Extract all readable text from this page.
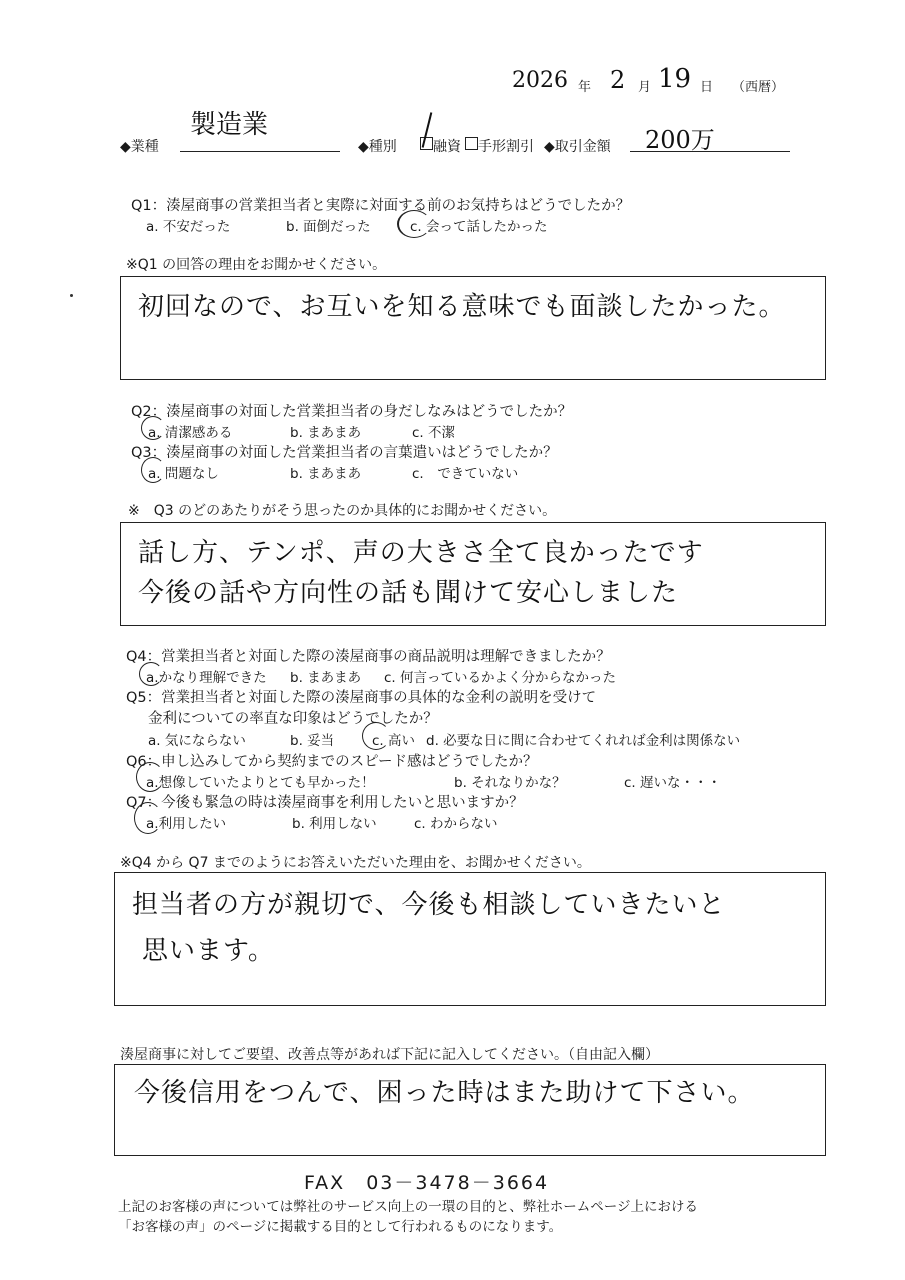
2026 年 2 月 19 日 （西暦）
◆業種
製造業
◆種別	融資 手形割引 ◆取引金額 200万
Q1：湊屋商事の営業担当者と実際に対面する前のお気持ちはどうでしたか？
a. 不安だった	b. 面倒だった	c. 会って話したかった
※Q1 の回答の理由をお聞かせください。
初回なので、お互いを知る意味でも面談したかった。
Q2：湊屋商事の対面した営業担当者の身だしなみはどうでしたか？
a. 清潔感ある	b. まあまあ	c. 不潔
Q3：湊屋商事の対面した営業担当者の言葉遣いはどうでしたか？
a. 問題なし	b. まあまあ	c.　できていない
※　Q3 のどのあたりがそう思ったのか具体的にお聞かせください。
話し方、テンポ、声の大きさ全て良かったです
今後の話や方向性の話も聞けて安心しました
Q4：営業担当者と対面した際の湊屋商事の商品説明は理解できましたか？
a.かなり理解できた b. まあまあ c. 何言っているかよく分からなかった
Q5：営業担当者と対面した際の湊屋商事の具体的な金利の説明を受けて
金利についての率直な印象はどうでしたか？
a. 気にならない	b. 妥当	c. 高い d. 必要な日に間に合わせてくれれば金利は関係ない
Q6：申し込みしてから契約までのスピード感はどうでしたか？
a.想像していたよりとても早かった！	b. それなりかな？	c. 遅いな・・・
Q7：今後も緊急の時は湊屋商事を利用したいと思いますか？
a.利用したい	b. 利用しない	c. わからない
※Q4 から Q7 までのようにお答えいただいた理由を、お聞かせください。
担当者の方が親切で、今後も相談していきたいと
思います。
湊屋商事に対してご要望、改善点等があれば下記に記入してください。（自由記入欄）
今後信用をつんで、困った時はまた助けて下さい。
FAX　03－3478－3664
上記のお客様の声については弊社のサービス向上の一環の目的と、弊社ホームページ上における
「お客様の声」のページに掲載する目的として行われるものになります。
